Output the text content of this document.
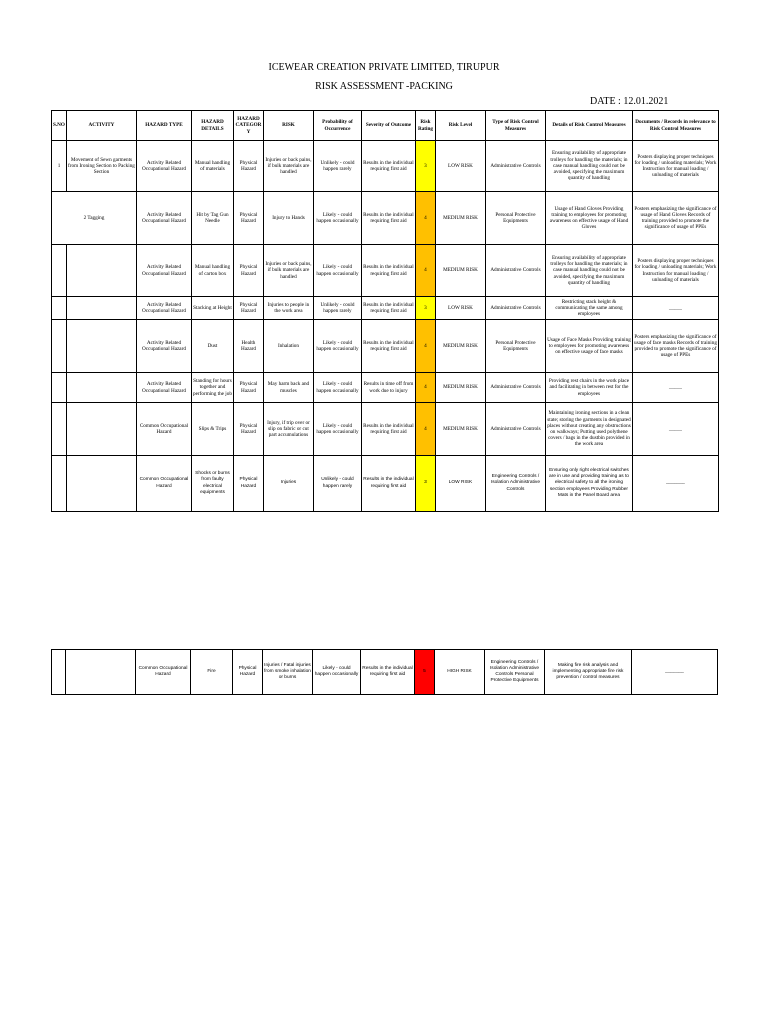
ICEWEAR CREATION PRIVATE LIMITED, TIRUPUR
RISK ASSESSMENT -PACKING
DATE : 12.01.2021
S.NO	ACTIVITY	HAZARD TYPE	HAZARD DETAILS	HAZARD CATEGOR Y	RISK	Probability of Occurrence	Severity of Outcome	Risk Rating	Risk Level	Type of Risk Control Measures	Details of Risk Control Measures	Documents / Records in relevance to Risk Control Measures
1	Movement of Sewn garments from Ironing Section to Packing Section	Activity Related Occupational Hazard	Manual handling of materials	Physical Hazard	Injuries or back pains, if bulk materials are handled	Unlikely - could happen rarely	Results in the individual requiring first aid	3	LOW RISK	Administrative Controls	Ensuring availability of appropriate trolleys for handling the materials; in case manual handling could not be avoided, specifying the maximum quantity of handling	Posters displaying proper techniques for loading / unloading materials; Work Instruction for manual loading / unloading of materials
2 Tagging		Activity Related Occupational Hazard	Hit by Tag Gun Needle	Physical Hazard	Injury to Hands	Likely - could happen occasionally	Results in the individual requiring first aid	4	MEDIUM RISK	Personal Protective Equipments	Usage of Hand Gloves Providing training to employees for promoting awareness on effective usage of Hand Gloves	Posters emphasizing the significance of usage of Hand Gloves Records of training provided to promote the significance of usage of PPEs
		Activity Related Occupational Hazard	Manual handling of carton box	Physical Hazard	Injuries or back pains, if bulk materials are handled	Likely - could happen occasionally	Results in the individual requiring first aid	4	MEDIUM RISK	Administrative Controls	Ensuring availability of appropriate trolleys for handling the materials; in case manual handling could not be avoided, specifying the maximum quantity of handling	Posters displaying proper techniques for loading / unloading materials; Work Instruction for manual loading / unloading of materials
		Activity Related Occupational Hazard	Stacking at Height	Physical Hazard	Injuries to people in the work area	Unlikely - could happen rarely	Results in the individual requiring first aid	3	LOW RISK	Administrative Controls	Restricting stack height & communicating the same among employees	_____
		Activity Related Occupational Hazard	Dust	Health Hazard	Inhalation	Likely - could happen occasionally	Results in the individual requiring first aid	4	MEDIUM RISK	Personal Protective Equipments	Usage of Face Masks Providing training to employees for promoting awareness on effective usage of face masks	Posters emphasizing the significance of usage of face masks Records of training provided to promote the significance of usage of PPEs
		Activity Related Occupational Hazard	Standing for hours together and performing the job	Physical Hazard	May harm back and muscles	Likely - could happen occasionally	Results in time off from work due to injury	4	MEDIUM RISK	Administrative Controls	Providing rest chairs in the work place and facilitating in between rest for the employees	_____
		Common Occupational Hazard	Slips & Trips	Physical Hazard	Injury, if trip over or slip on fabric or cut part accumulations	Likely - could happen occasionally	Results in the individual requiring first aid	4	MEDIUM RISK	Administrative Controls	Maintaining ironing sections in a clean state; storing the garments in designated places without creating any obstructions on walkways; Putting used polythene covers / bags in the dustbin provided in the work area	_____
		Common Occupational Hazard	Shocks or burns from faulty electrical equipments	Physical Hazard	Injuries	Unlikely - could happen rarely	Results in the individual requiring first aid	3	LOW RISK	Engineering Controls / Isolation Administrative Controls	Ensuring only right electrical switches are in use and providing training as to electrical safety to all the ironing section employees Providing Rubber Mats in the Panel Board area	_______
		Common Occupational Hazard	Fire	Physical Hazard	Injuries / Fatal injuries from smoke inhalation or burns	Likely - could happen occasionally	Results in the individual requiring first aid	5	HIGH RISK	Engineering Controls / Isolation Administrative Controls Personal Protective Equipments	Making fire risk analysis and implementing appropriate fire risk prevention / control measures	_______
